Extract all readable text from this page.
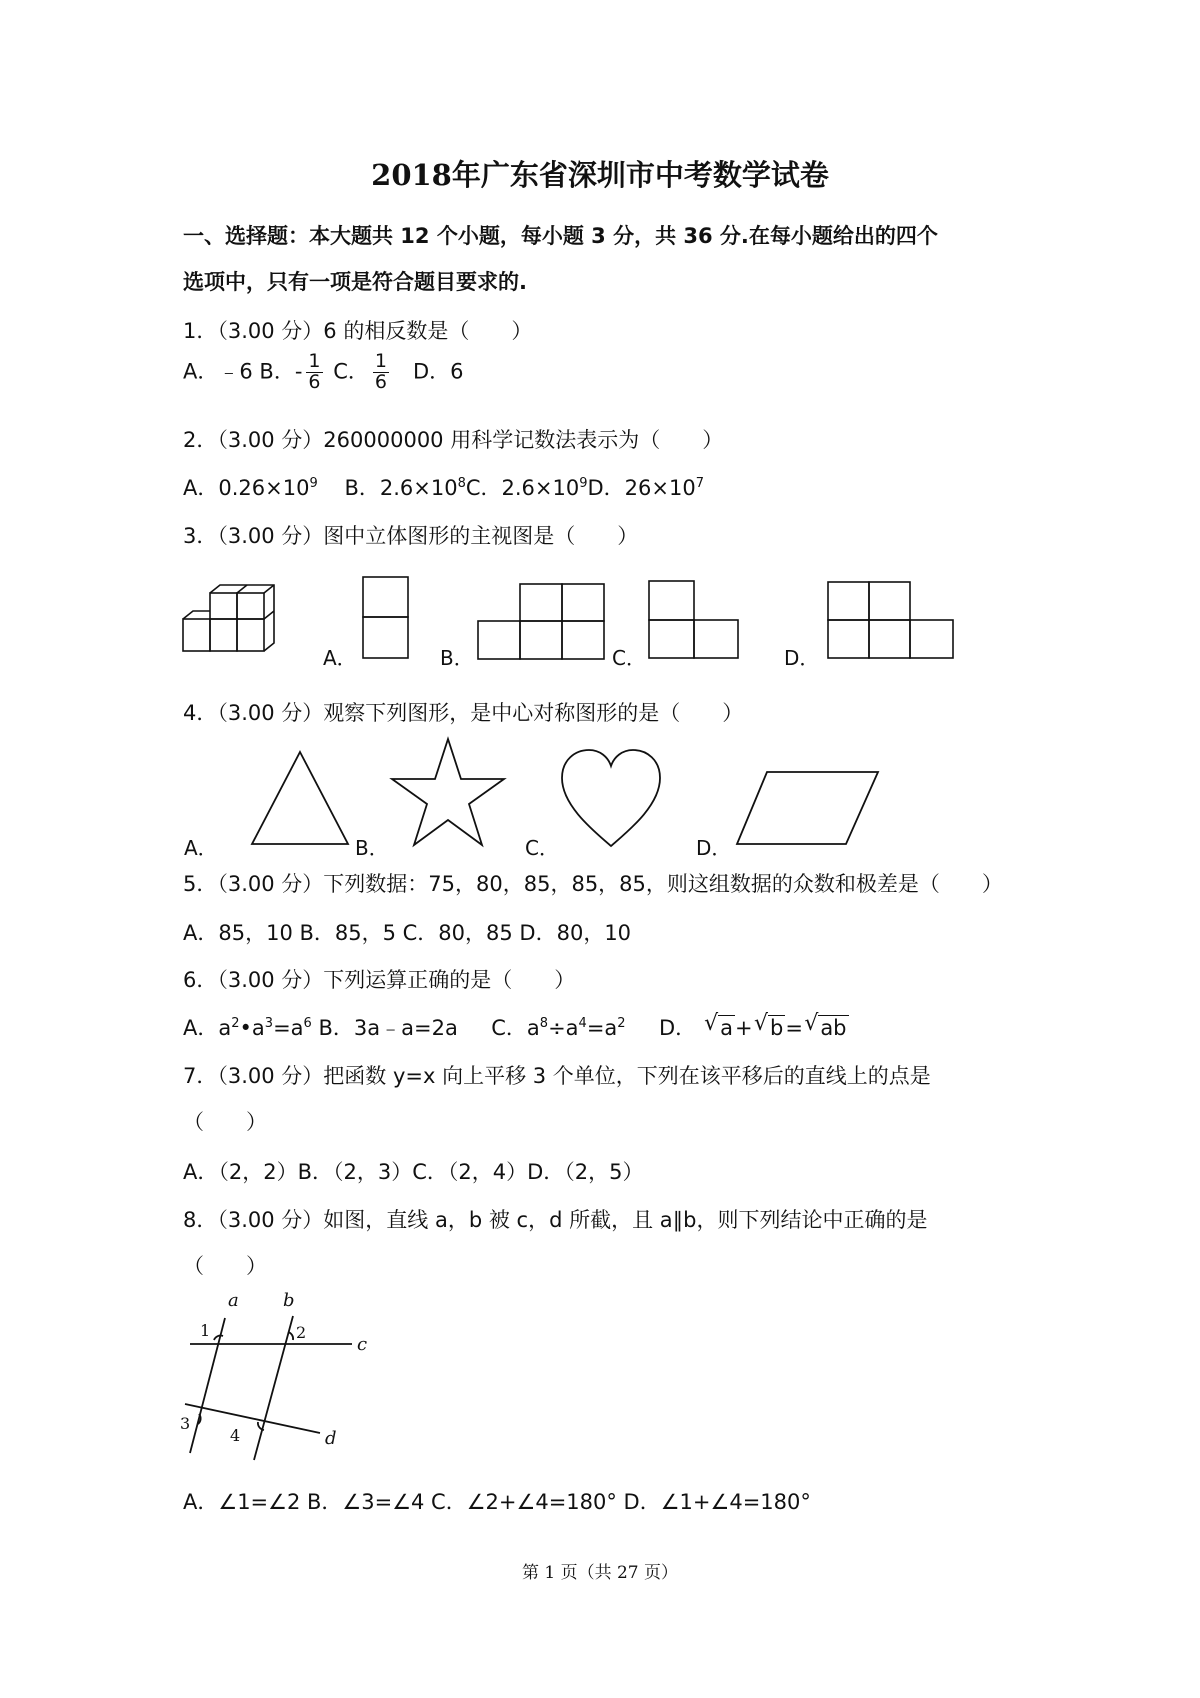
2018年广东省深圳市中考数学试卷
一、选择题：本大题共 12 个小题，每小题 3 分，共 36 分.在每小题给出的四个
选项中，只有一项是符合题目要求的.
1．（3.00 分）6 的相反数是（　　）
A．﹣6 B．- $\frac{1}{6}$ C． $\frac{1}{6}$ D．6
2．（3.00 分）260000000 用科学记数法表示为（　　）
A．$0.26\times 10^9$ B．$2.6\times 10^8C$．$2.6\times 10^9D$．$26\times 10^7$
3．（3.00 分）图中立体图形的主视图是（　　）
A．	B．	C．	D．
4．（3.00 分）观察下列图形，是中心对称图形的是（　　）
A．	B．	C．	D．
5．（3.00 分）下列数据：75，80，85，85，85，则这组数据的众数和极差是（　　）
A．85，10 B．85，5 C．80，85 D．80，10
6．（3.00 分）下列运算正确的是（　　）
A．$a^2•a^3=a^6$ B．3a﹣a=2a C．$a^8\div a^4=a^2$ D． √ a+ √ b= √ ab
7．（3.00 分）把函数 y=x 向上平移 3 个单位，下列在该平移后的直线上的点是
（　　）
A．（2，2）B．（2，3）C．（2，4）D．（2，5）
8．（3.00 分）如图，直线 a，b 被 c，d 所截，且 a∥b，则下列结论中正确的是
（　　）
a b
c
d
1	2
3
4
A．∠1=∠2 B．∠3=∠4 C．∠2+∠4=180° D．∠1+∠4=180°
第 1 页（共 27 页）
